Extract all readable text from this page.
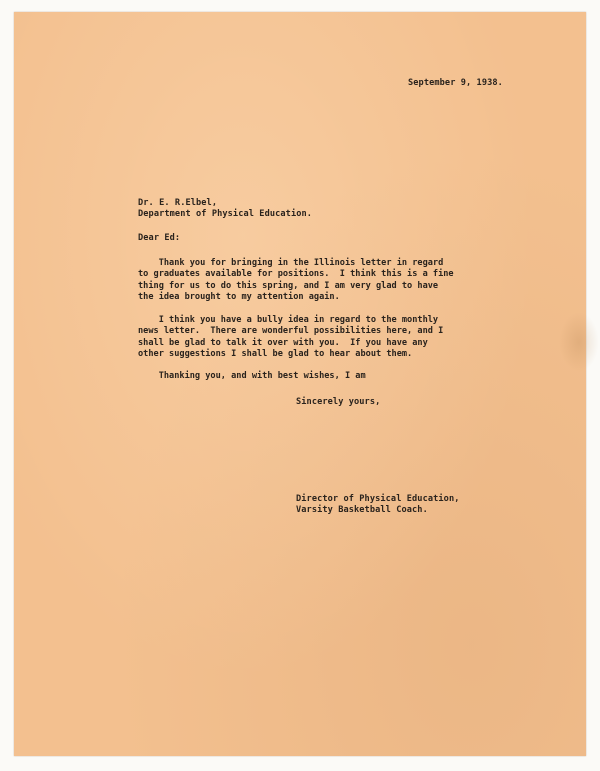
September 9, 1938.

Dr. E. R.Elbel,

Department of Physical Education.

Dear Ed:

Thank you for bringing in the Illinois letter in regard
to graduates available for positions.  I think this is a fine
thing for us to do this spring, and I am very glad to have
the idea brought to my attention again.
I think you have a bully idea in regard to the monthly
news letter.  There are wonderful possibilities here, and I
shall be glad to talk it over with you.  If you have any
other suggestions I shall be glad to hear about them.
Thanking you, and with best wishes, I am

Sincerely yours,

Director of Physical Education,

Varsity Basketball Coach.
